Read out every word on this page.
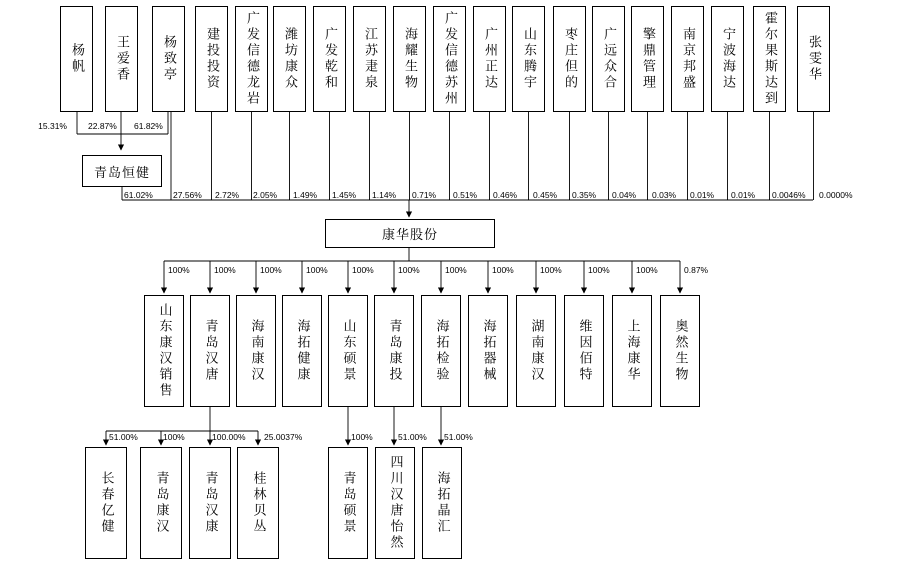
杨帆 王爱香 杨致亭 建投投资 广发信德龙岩 潍坊康众 广发乾和 江苏疌泉 海耀生物 广发信德苏州 广州正达 山东腾宇 枣庄但的 广远众合 擎鼎管理 南京邦盛 宁波海达 霍尔果斯达到 张雯华
15.31% 22.87% 61.82%
青岛恒健
61.02% 27.56% 2.72% 2.05% 1.49% 1.45% 1.14% 0.71% 0.51% 0.46% 0.45% 0.35% 0.04% 0.03% 0.01% 0.01% 0.0046% 0.0000%
康华股份
100%
山东康汉销售
100%
青岛汉唐
100%
海南康汉
100%
海拓健康
100%
山东硕景
100%
青岛康投
100%
海拓检验
100%
海拓器械
100%
湖南康汉
100%
维因佰特
100%
上海康华
0.87%
奥然生物
长春亿健	青岛康汉	青岛汉康	桂林贝丛
51.00%	100%	100.00% 25.0037%
青岛硕景
100%
四川汉唐怡然
51.00%
海拓晶汇
51.00%
